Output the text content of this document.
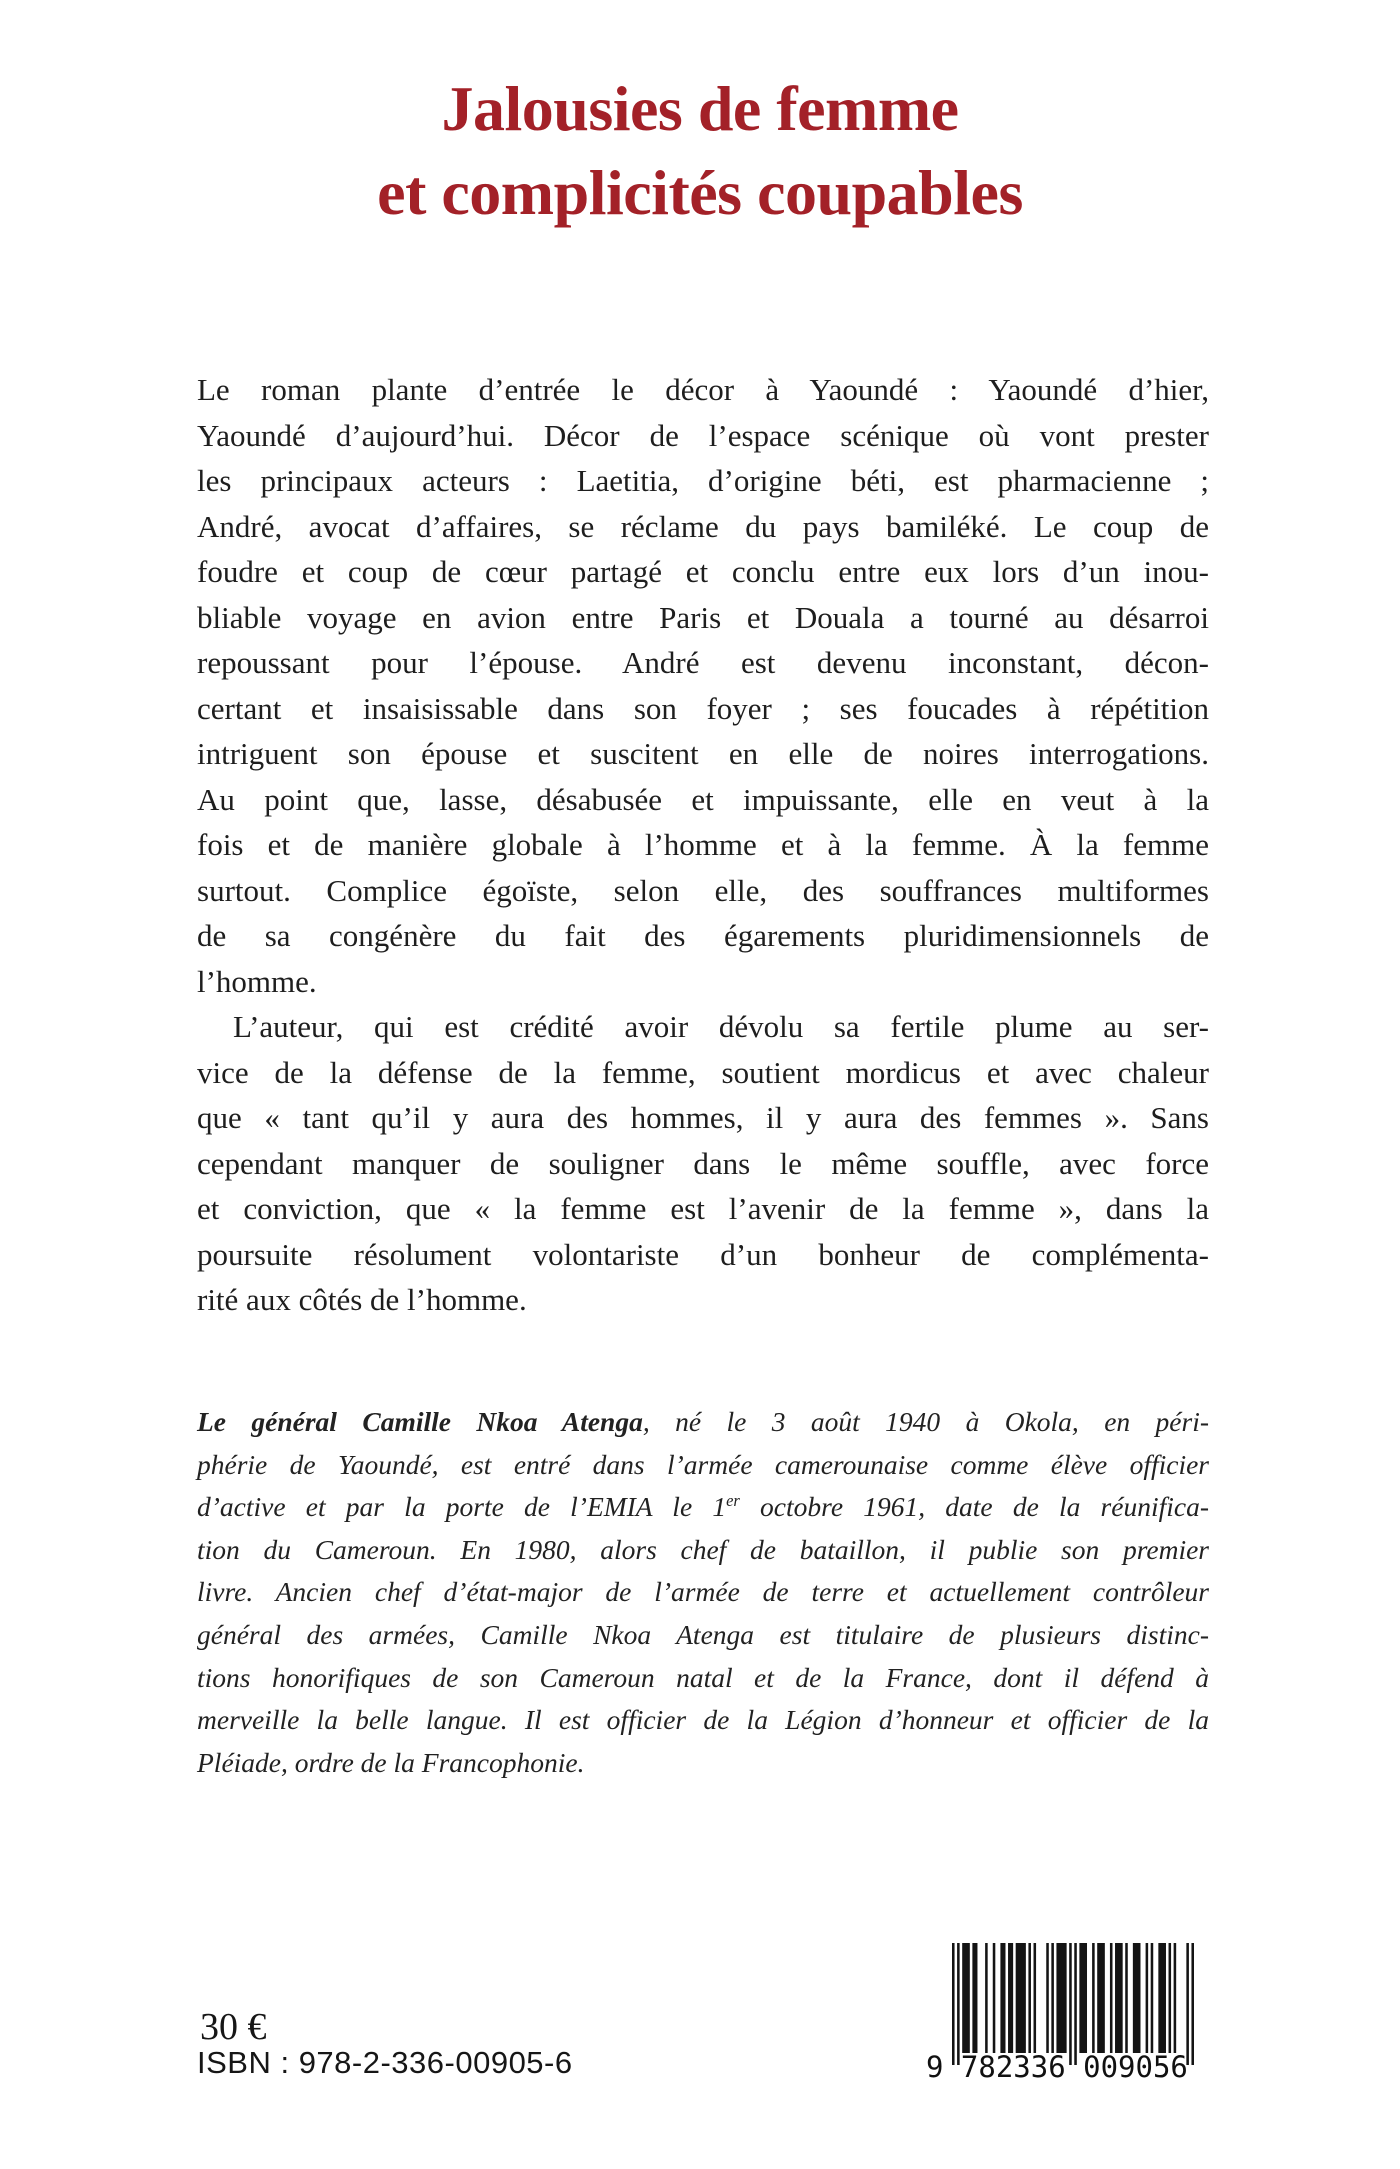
Jalousies de femme
et complicités coupables
Le roman plante d’entrée le décor à Yaoundé : Yaoundé d’hier,
Yaoundé d’aujourd’hui. Décor de l’espace scénique où vont prester
les principaux acteurs : Laetitia, d’origine béti, est pharmacienne ;
André, avocat d’affaires, se réclame du pays bamiléké. Le coup de
foudre et coup de cœur partagé et conclu entre eux lors d’un inou-
bliable voyage en avion entre Paris et Douala a tourné au désarroi
repoussant pour l’épouse. André est devenu inconstant, décon-
certant et insaisissable dans son foyer ; ses foucades à répétition
intriguent son épouse et suscitent en elle de noires interrogations.
Au point que, lasse, désabusée et impuissante, elle en veut à la
fois et de manière globale à l’homme et à la femme. À la femme
surtout. Complice égoïste, selon elle, des souffrances multiformes
de sa congénère du fait des égarements pluridimensionnels de
l’homme.
L’auteur, qui est crédité avoir dévolu sa fertile plume au ser-
vice de la défense de la femme, soutient mordicus et avec chaleur
que « tant qu’il y aura des hommes, il y aura des femmes ». Sans
cependant manquer de souligner dans le même souffle, avec force
et conviction, que « la femme est l’avenir de la femme », dans la
poursuite résolument volontariste d’un bonheur de complémenta-
rité aux côtés de l’homme.
Le général Camille Nkoa Atenga, né le 3 août 1940 à Okola, en péri-
phérie de Yaoundé, est entré dans l’armée camerounaise comme élève officier
d’active et par la porte de l’EMIA le 1er octobre 1961, date de la réunifica-
tion du Cameroun. En 1980, alors chef de bataillon, il publie son premier
livre. Ancien chef d’état-major de l’armée de terre et actuellement contrôleur
général des armées, Camille Nkoa Atenga est titulaire de plusieurs distinc-
tions honorifiques de son Cameroun natal et de la France, dont il défend à
merveille la belle langue. Il est officier de la Légion d’honneur et officier de la
Pléiade, ordre de la Francophonie.
30 €
ISBN : 978-2-336-00905-6	9 782336 009056
